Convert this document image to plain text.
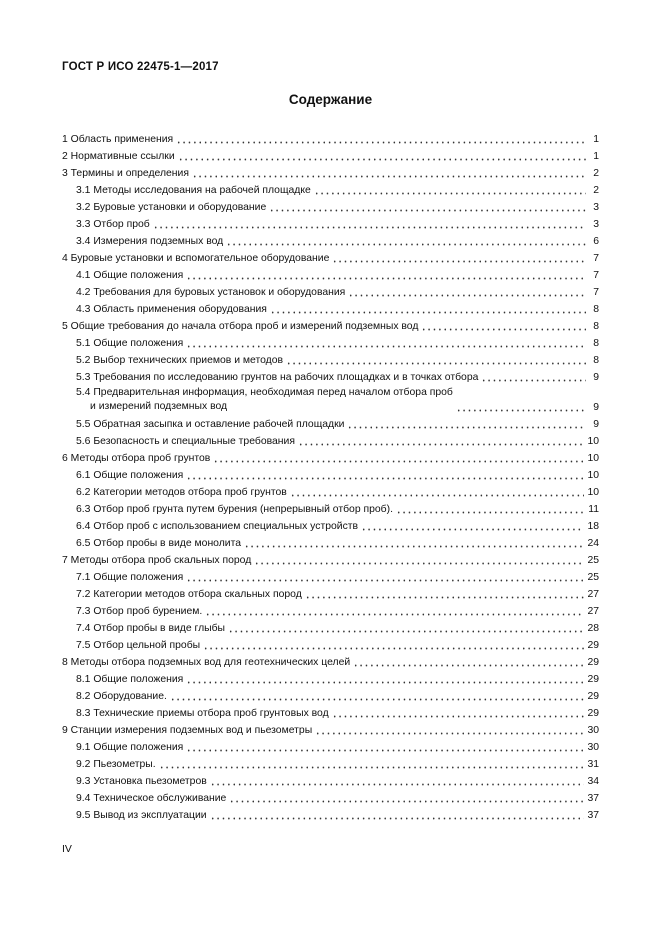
ГОСТ Р ИСО 22475-1—2017
Содержание
1 Область применения	1
2 Нормативные ссылки	1
3 Термины и определения	2
3.1 Методы исследования на рабочей площадке	2
3.2 Буровые установки и оборудование	3
3.3 Отбор проб	3
3.4 Измерения подземных вод	6
4 Буровые установки и вспомогательное оборудование	7
4.1 Общие положения	7
4.2 Требования для буровых установок и оборудования	7
4.3 Область применения оборудования	8
5 Общие требования до начала отбора проб и измерений подземных вод	8
5.1 Общие положения	8
5.2 Выбор технических приемов и методов	8
5.3 Требования по исследованию грунтов на рабочих площадках и в точках отбора	9
5.4 Предварительная информация, необходимая перед началом отбора проб
и измерений подземных вод	9
5.5 Обратная засыпка и оставление рабочей площадки	9
5.6 Безопасность и специальные требования	10
6 Методы отбора проб грунтов	10
6.1 Общие положения	10
6.2 Категории методов отбора проб грунтов	10
6.3 Отбор проб грунта путем бурения (непрерывный отбор проб).	11
6.4 Отбор проб с использованием специальных устройств	18
6.5 Отбор пробы в виде монолита	24
7 Методы отбора проб скальных пород	25
7.1 Общие положения	25
7.2 Категории методов отбора скальных пород	27
7.3 Отбор проб бурением.	27
7.4 Отбор пробы в виде глыбы	28
7.5 Отбор цельной пробы	29
8 Методы отбора подземных вод для геотехнических целей	29
8.1 Общие положения	29
8.2 Оборудование.	29
8.3 Технические приемы отбора проб грунтовых вод	29
9 Станции измерения подземных вод и пьезометры	30
9.1 Общие положения	30
9.2 Пьезометры.	31
9.3 Установка пьезометров	34
9.4 Техническое обслуживание	37
9.5 Вывод из эксплуатации	37
IV
